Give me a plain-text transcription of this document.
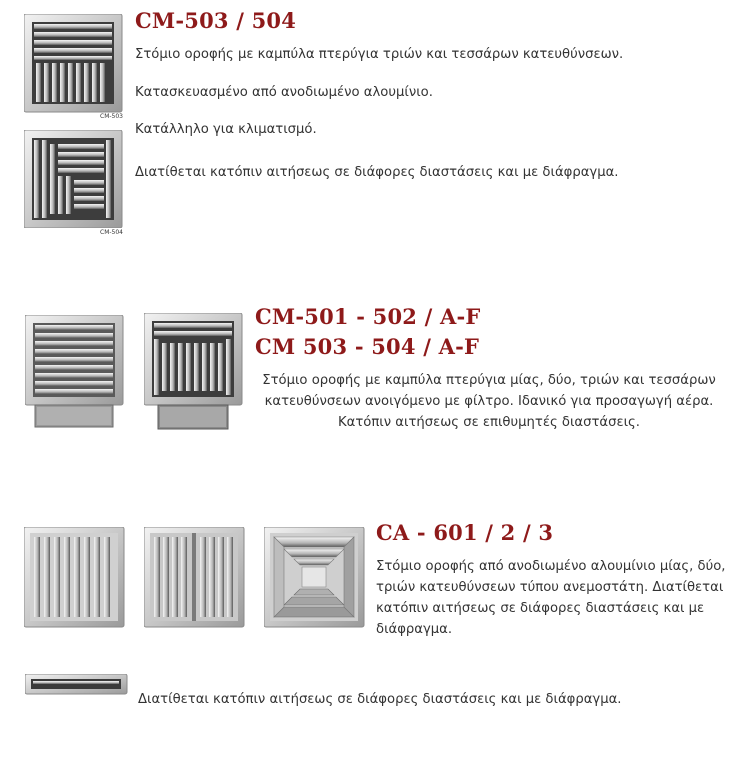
CM-503
CM-504
CM-503 / 504

Στόμιο οροφής με καμπύλα πτερύγια τριών και τεσσάρων κατευθύνσεων.

Κατασκευασμένο από ανοδιωμένο αλουμίνιο.

Κατάλληλο για κλιματισμό.

Διατίθεται κατόπιν αιτήσεως σε διάφορες διαστάσεις και με διάφραγμα.

CM-501 - 502 / A-F
CM 503 - 504 / A-F

Στόμιο οροφής με καμπύλα πτερύγια μίας, δύο, τριών και τεσσάρων κατευθύνσεων ανοιγόμενο με φίλτρο. Ιδανικό για προσαγωγή αέρα. Κατόπιν αιτήσεως σε επιθυμητές διαστάσεις.

CA - 601 / 2 / 3

Στόμιο οροφής από ανοδιωμένο αλουμίνιο μίας, δύο, τριών κατευθύνσεων τύπου ανεμοστάτη. Διατίθεται κατόπιν αιτήσεως σε διάφορες διαστάσεις και με διάφραγμα.

Διατίθεται κατόπιν αιτήσεως σε διάφορες διαστάσεις και με διάφραγμα.
